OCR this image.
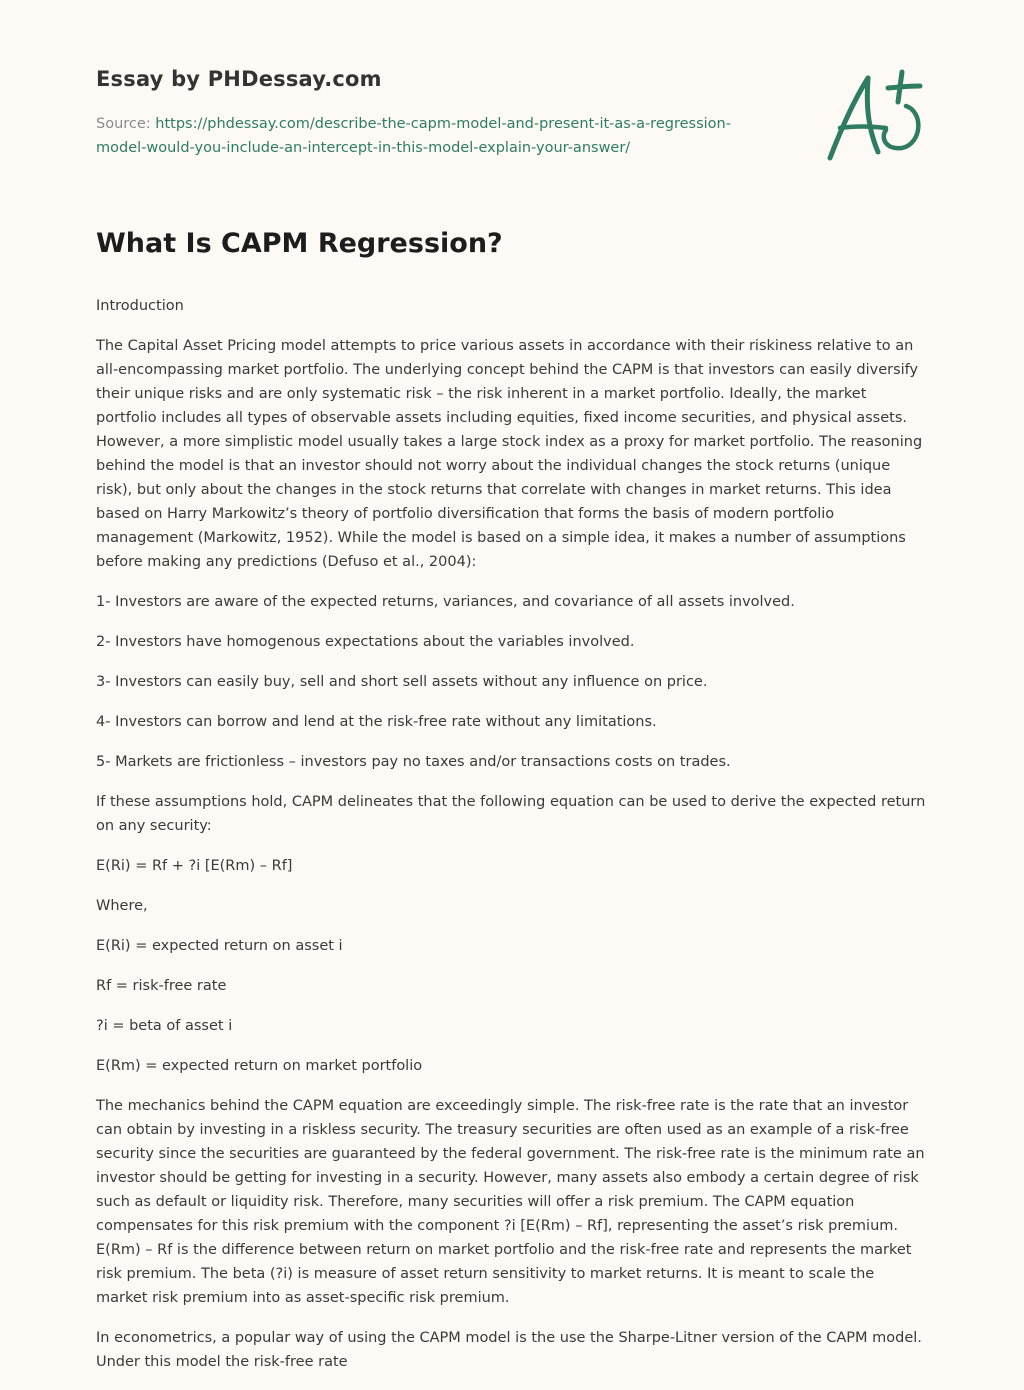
Essay by PHDessay.com
Source: https://phdessay.com/describe-the-capm-model-and-present-it-as-a-regression-
model-would-you-include-an-intercept-in-this-model-explain-your-answer/
What Is CAPM Regression?

Introduction

The Capital Asset Pricing model attempts to price various assets in accordance with their riskiness relative to an all-encompassing market portfolio. The underlying concept behind the CAPM is that investors can easily diversify their unique risks and are only systematic risk – the risk inherent in a market portfolio. Ideally, the market portfolio includes all types of observable assets including equities, fixed income securities, and physical assets. However, a more simplistic model usually takes a large stock index as a proxy for market portfolio. The reasoning behind the model is that an investor should not worry about the individual changes the stock returns (unique risk), but only about the changes in the stock returns that correlate with changes in market returns. This idea based on Harry Markowitz’s theory of portfolio diversification that forms the basis of modern portfolio management (Markowitz, 1952). While the model is based on a simple idea, it makes a number of assumptions before making any predictions (Defuso et al., 2004):

1- Investors are aware of the expected returns, variances, and covariance of all assets involved.

2- Investors have homogenous expectations about the variables involved.

3- Investors can easily buy, sell and short sell assets without any influence on price.

4- Investors can borrow and lend at the risk-free rate without any limitations.

5- Markets are frictionless – investors pay no taxes and/or transactions costs on trades.

If these assumptions hold, CAPM delineates that the following equation can be used to derive the expected return on any security:

E(Ri) = Rf + ?i [E(Rm) – Rf]

Where,

E(Ri) = expected return on asset i

Rf = risk-free rate

?i = beta of asset i

E(Rm) = expected return on market portfolio

The mechanics behind the CAPM equation are exceedingly simple. The risk-free rate is the rate that an investor can obtain by investing in a riskless security. The treasury securities are often used as an example of a risk-free security since the securities are guaranteed by the federal government. The risk-free rate is the minimum rate an investor should be getting for investing in a security. However, many assets also embody a certain degree of risk such as default or liquidity risk. Therefore, many securities will offer a risk premium. The CAPM equation compensates for this risk premium with the component ?i [E(Rm) – Rf], representing the asset’s risk premium. E(Rm) – Rf is the difference between return on market portfolio and the risk-free rate and represents the market risk premium. The beta (?i) is measure of asset return sensitivity to market returns. It is meant to scale the market risk premium into as asset-specific risk premium.

In econometrics, a popular way of using the CAPM model is the use the Sharpe-Litner version of the CAPM model. Under this model the risk-free rate
